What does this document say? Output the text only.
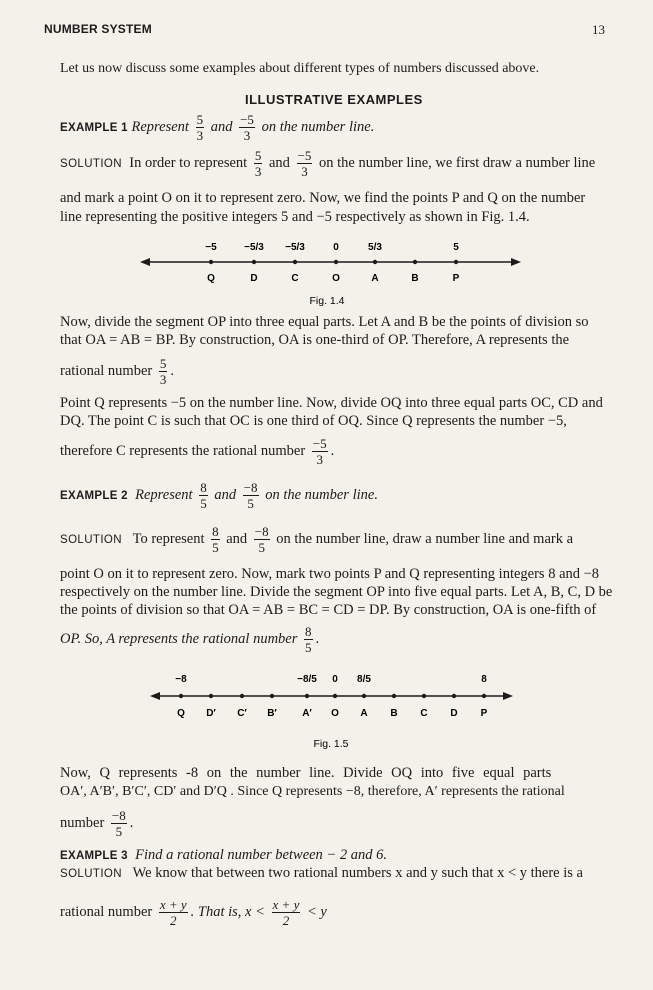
NUMBER SYSTEM	13
Let us now discuss some examples about different types of numbers discussed above.
ILLUSTRATIVE EXAMPLES
EXAMPLE 1 Represent $\frac{5}{3}$ and $\frac{-5}{3}$ on the number line.
SOLUTION In order to represent $\frac{5}{3}$ and $\frac{-5}{3}$ on the number line, we first draw a number line
and mark a point O on it to represent zero. Now, we find the points P and Q on the number
line representing the positive integers 5 and −5 respectively as shown in Fig. 1.4.
−5	−5/3 −5/3	0	5/3	5
Q	D	C	O	A	B	P
Fig. 1.4
Now, divide the segment OP into three equal parts. Let A and B be the points of division so
that OA = AB = BP. By construction, OA is one-third of OP. Therefore, A represents the
rational number $\frac{5}{3}$ .
Point Q represents −5 on the number line. Now, divide OQ into three equal parts OC, CD and
DQ. The point C is such that OC is one third of OQ. Since Q represents the number −5,
therefore C represents the rational number $\frac{-5}{3}$ .
EXAMPLE 2 Represent $\frac{8}{5}$ and $\frac{-8}{5}$ on the number line.
SOLUTION To represent $\frac{8}{5}$ and $\frac{-8}{5}$ on the number line, draw a number line and mark a
point O on it to represent zero. Now, mark two points P and Q representing integers 8 and −8
respectively on the number line. Divide the segment OP into five equal parts. Let A, B, C, D be
the points of division so that OA = AB = BC = CD = DP. By construction, OA is one-fifth of
OP. So, A represents the rational number $\frac{8}{5}$ .
−8	−8/5 0 8/5	8
Q D′ C′ B′	A′ O A B C D P
Fig. 1.5
Now, Q represents -8 on the number line. Divide OQ into five equal parts
OA′, A′B′, B′C′, CD′ and D′Q . Since Q represents −8, therefore, A′ represents the rational
number $\frac{-8}{5}$ .
EXAMPLE 3 Find a rational number between − 2 and 6.
SOLUTION We know that between two rational numbers x and y such that x < y there is a
rational number $\frac{x + y}{2}$ . That is, $x < \frac{x + y}{2} < y$
